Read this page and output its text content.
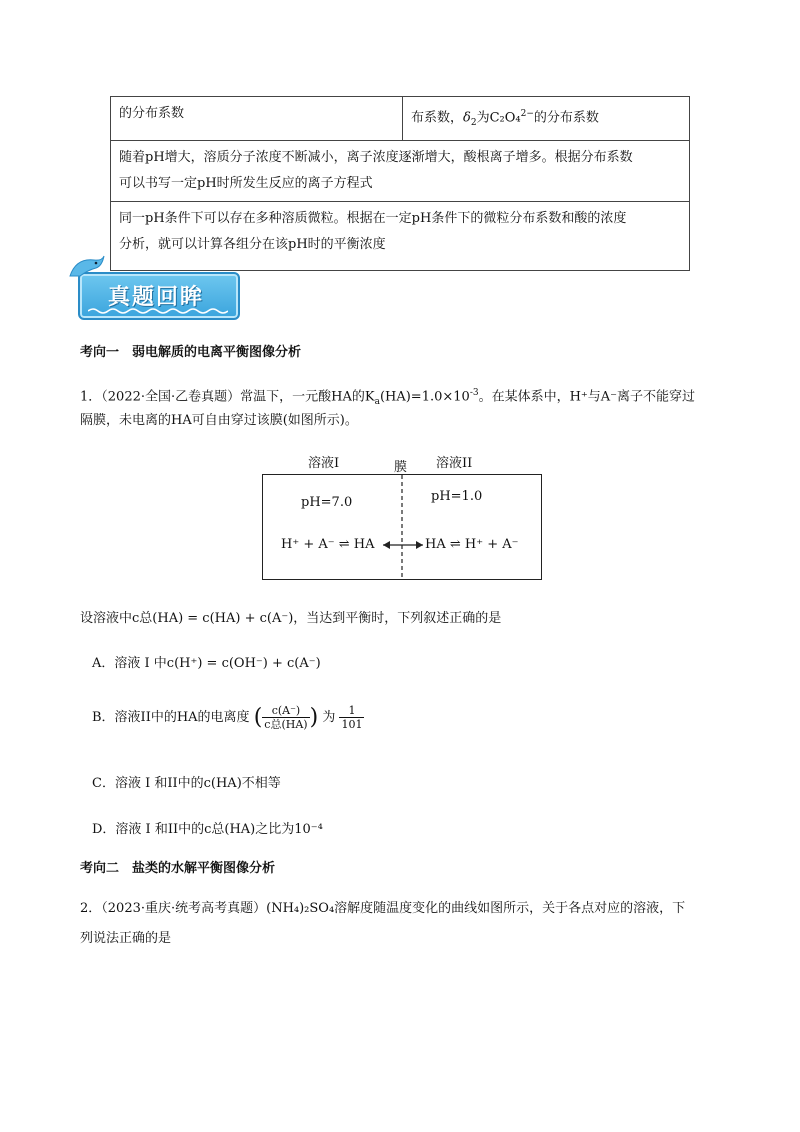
的分布系数	布系数，$\delta_2$为C₂O₄$^{2-}$的分布系数

随着pH增大，溶质分子浓度不断减小，离子浓度逐渐增大，酸根离子增多。根据分布系数
可以书写一定pH时所发生反应的离子方程式

同一pH条件下可以存在多种溶质微粒。根据在一定pH条件下的微粒分布系数和酸的浓度
分析，就可以计算各组分在该pH时的平衡浓度
真题回眸
考向一　弱电解质的电离平衡图像分析
1．（2022·全国·乙卷真题）常温下，一元酸HA的$K_a(HA)=1.0\times 10^{-3}$。在某体系中，H⁺与A⁻离子不能穿过
隔膜，未电离的HA可自由穿过该膜(如图所示)。
溶液I	膜 溶液II
pH=7.0	pH=1.0
H⁺ + A⁻ ⇌ HA	HA ⇌ H⁺ + A⁻
设溶液中c总(HA) = c(HA) + c(A⁻)，当达到平衡时，下列叙述正确的是
A．溶液 I 中c(H⁺) = c(OH⁻) + c(A⁻)
B．溶液II中的HA的电离度 ( $\frac{c(A^-)}{\text{c总(HA)}}$ ) 为 $\frac{1}{101}$
C．溶液 I 和II中的c(HA)不相等
D．溶液 I 和II中的c总(HA)之比为10⁻⁴
考向二　盐类的水解平衡图像分析
2．（2023·重庆·统考高考真题）(NH₄)₂SO₄溶解度随温度变化的曲线如图所示，关于各点对应的溶液，下
列说法正确的是
